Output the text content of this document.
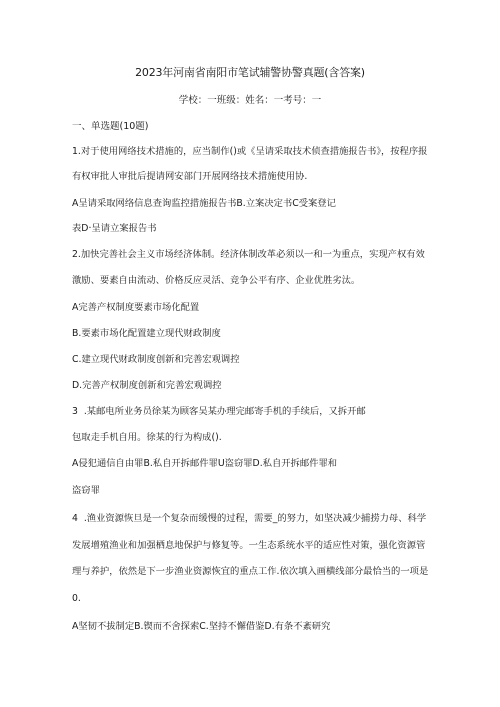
2023年河南省南阳市笔试辅警协警真题(含答案)
学校：一班级：姓名：一考号：一
一、单选题(10题)
1.对于使用网络技术措施的，应当制作()或《呈请采取技术侦查措施报告书》，按程序报
有权审批人审批后提请网安部门开展网络技术措施使用协.
A呈请采取网络信息查询监控措施报告书B.立案决定书C受案登记
表D·呈请立案报告书
2.加快完善社会主义市场经济体制。经济体制改革必须以一和一为重点，实现产权有效
激励、要素自由流动、价格反应灵活、竞争公平有序、企业优胜劣汰。
A完善产权制度要素市场化配置
B.要素市场化配置建立现代财政制度
C.建立现代财政制度创新和完善宏观调控
D.完善产权制度创新和完善宏观调控
3	.某邮电所业务员徐某为顾客吴某办理完邮寄手机的手续后，又拆开邮
包取走手机自用。徐某的行为构成().
A侵犯通信自由罪B.私自开拆邮件罪U盗窃罪D.私自开拆邮件罪和
盗窃罪
4	.渔业资源恢旦是一个复杂而缓慢的过程，需要_的努力，如坚决减少捕捞力母、科学
发展增殖渔业和加强栖息地保护与修复等。一生态系统水平的适应性对策，强化资源管
理与养护，依然是下一步渔业资源恢宜的重点工作.依次填入画横线部分最恰当的一项是
0.
A坚韧不拔制定B.锲而不舍探索C.坚持不懈借鉴D.有条不紊研究
